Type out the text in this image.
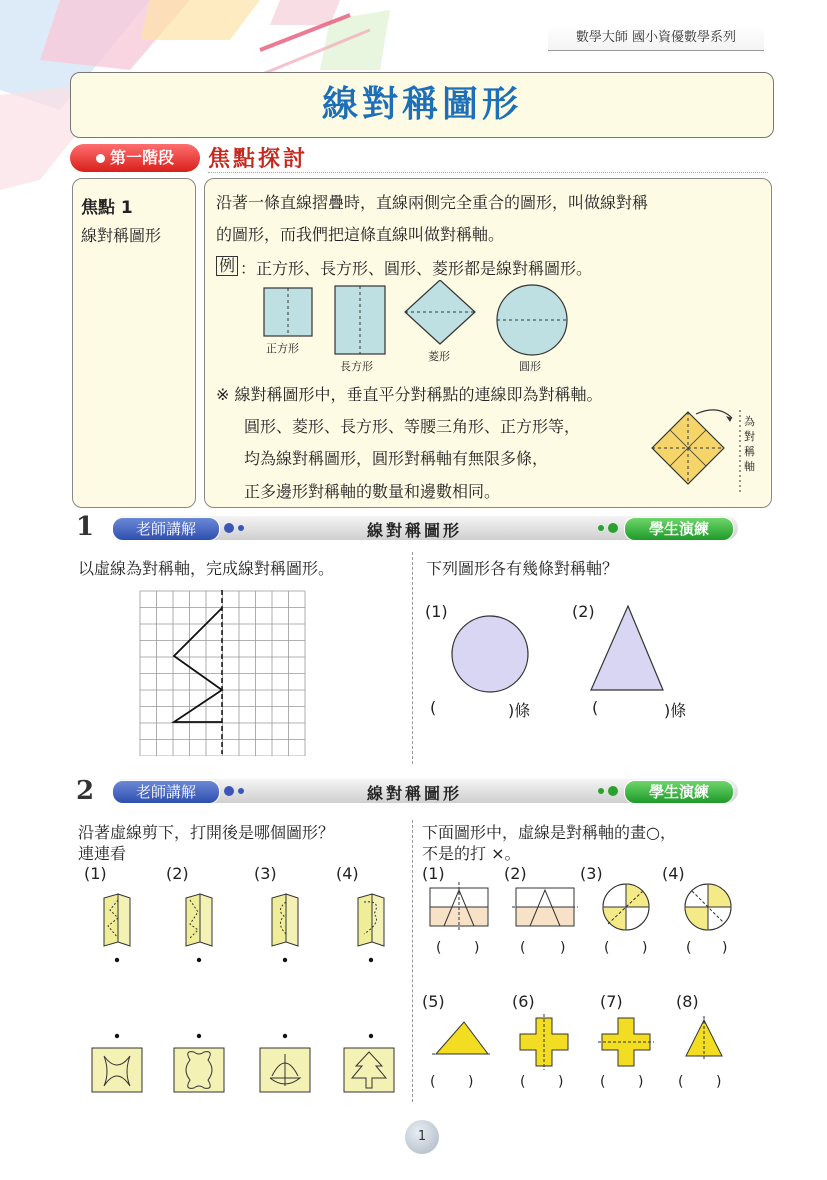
數學大師 國小資優數學系列
線對稱圖形
第一階段	焦點探討
焦點 1
線對稱圖形
沿著一條直線摺疊時，直線兩側完全重合的圖形，叫做線對稱
的圖形，而我們把這條直線叫做對稱軸。
例 ：正方形、長方形、圓形、菱形都是線對稱圖形。
正方形
長方形
菱形
圓形
※ 線對稱圖形中，垂直平分對稱點的連線即為對稱軸。
圓形、菱形、長方形、等腰三角形、正方形等，
均為線對稱圖形，圓形對稱軸有無限多條，
正多邊形對稱軸的數量和邊數相同。
為
對
稱
軸
1	老師講解	線對稱圖形	學生演練
以虛線為對稱軸，完成線對稱圖形。	下列圖形各有幾條對稱軸？
(1)	(2)
(	)條	(	)條
2	老師講解	線對稱圖形	學生演練
沿著虛線剪下，打開後是哪個圖形？
連連看
下面圖形中，虛線是對稱軸的畫○，
不是的打 ×。
(1)	(2)	(3)	(4)	(1)	(2)	(3)	(4)
( )	( )	( )	( )
(5)	(6)	(7)	(8)
( )	( )	( ) ( )
1
